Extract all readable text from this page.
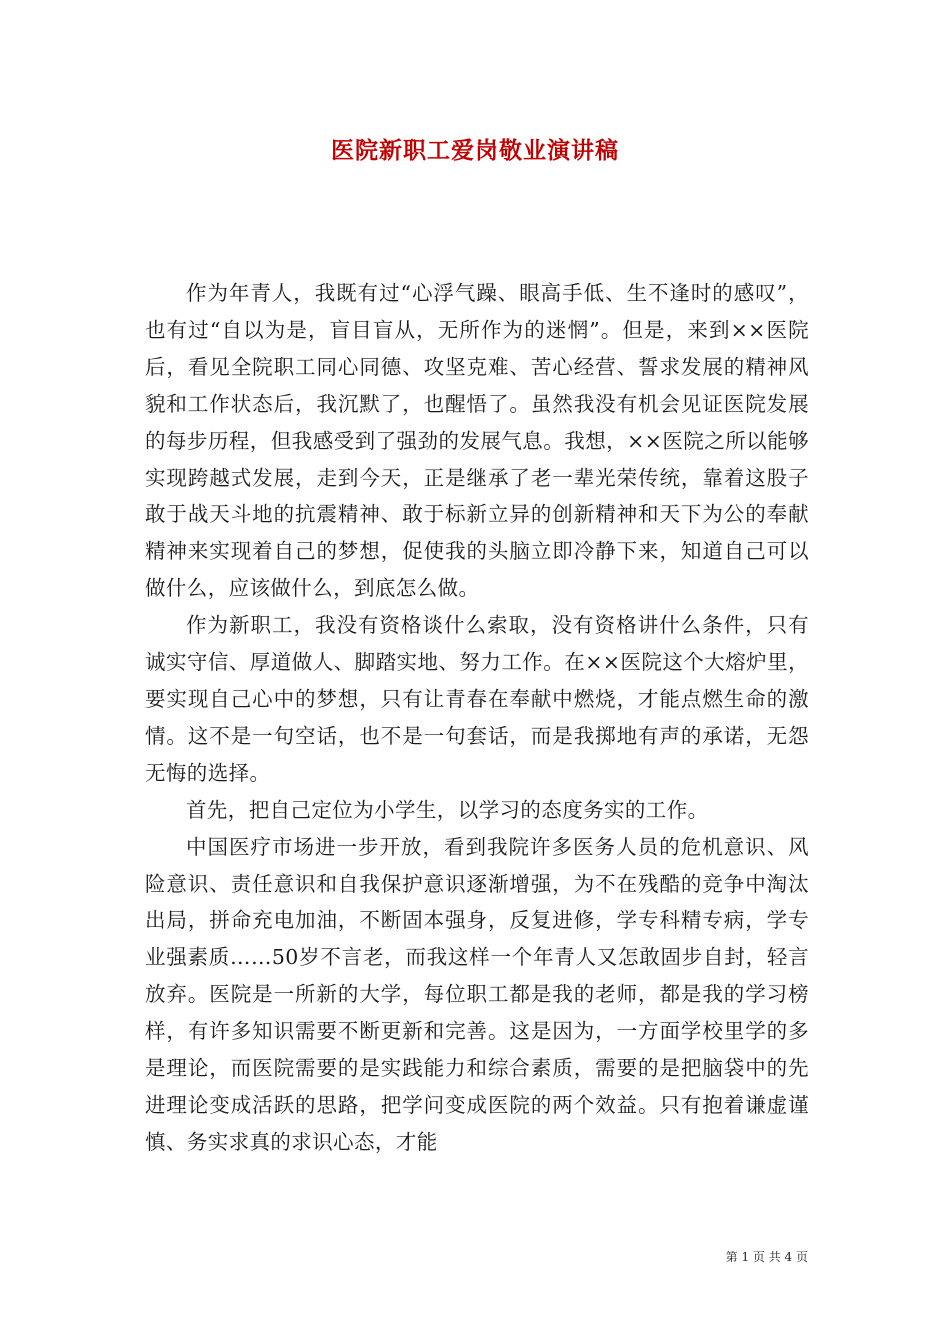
医院新职工爱岗敬业演讲稿

作为年青人，我既有过“心浮气躁、眼高手低、生不逢时的感叹”，也有过“自以为是，盲目盲从，无所作为的迷惘”。但是，来到××医院后，看见全院职工同心同德、攻坚克难、苦心经营、誓求发展的精神风貌和工作状态后，我沉默了，也醒悟了。虽然我没有机会见证医院发展的每步历程，但我感受到了强劲的发展气息。我想，××医院之所以能够实现跨越式发展，走到今天，正是继承了老一辈光荣传统，靠着这股子敢于战天斗地的抗震精神、敢于标新立异的创新精神和天下为公的奉献精神来实现着自己的梦想，促使我的头脑立即冷静下来，知道自己可以做什么，应该做什么，到底怎么做。

作为新职工，我没有资格谈什么索取，没有资格讲什么条件，只有诚实守信、厚道做人、脚踏实地、努力工作。在××医院这个大熔炉里，要实现自己心中的梦想，只有让青春在奉献中燃烧，才能点燃生命的激情。这不是一句空话，也不是一句套话，而是我掷地有声的承诺，无怨无悔的选择。

首先，把自己定位为小学生，以学习的态度务实的工作。

中国医疗市场进一步开放，看到我院许多医务人员的危机意识、风险意识、责任意识和自我保护意识逐渐增强，为不在残酷的竞争中淘汰出局，拼命充电加油，不断固本强身，反复进修，学专科精专病，学专业强素质……50岁不言老，而我这样一个年青人又怎敢固步自封，轻言放弃。医院是一所新的大学，每位职工都是我的老师，都是我的学习榜样，有许多知识需要不断更新和完善。这是因为，一方面学校里学的多是理论，而医院需要的是实践能力和综合素质，需要的是把脑袋中的先进理论变成活跃的思路，把学问变成医院的两个效益。只有抱着谦虚谨慎、务实求真的求识心态，才能

第 1 页 共 4 页
